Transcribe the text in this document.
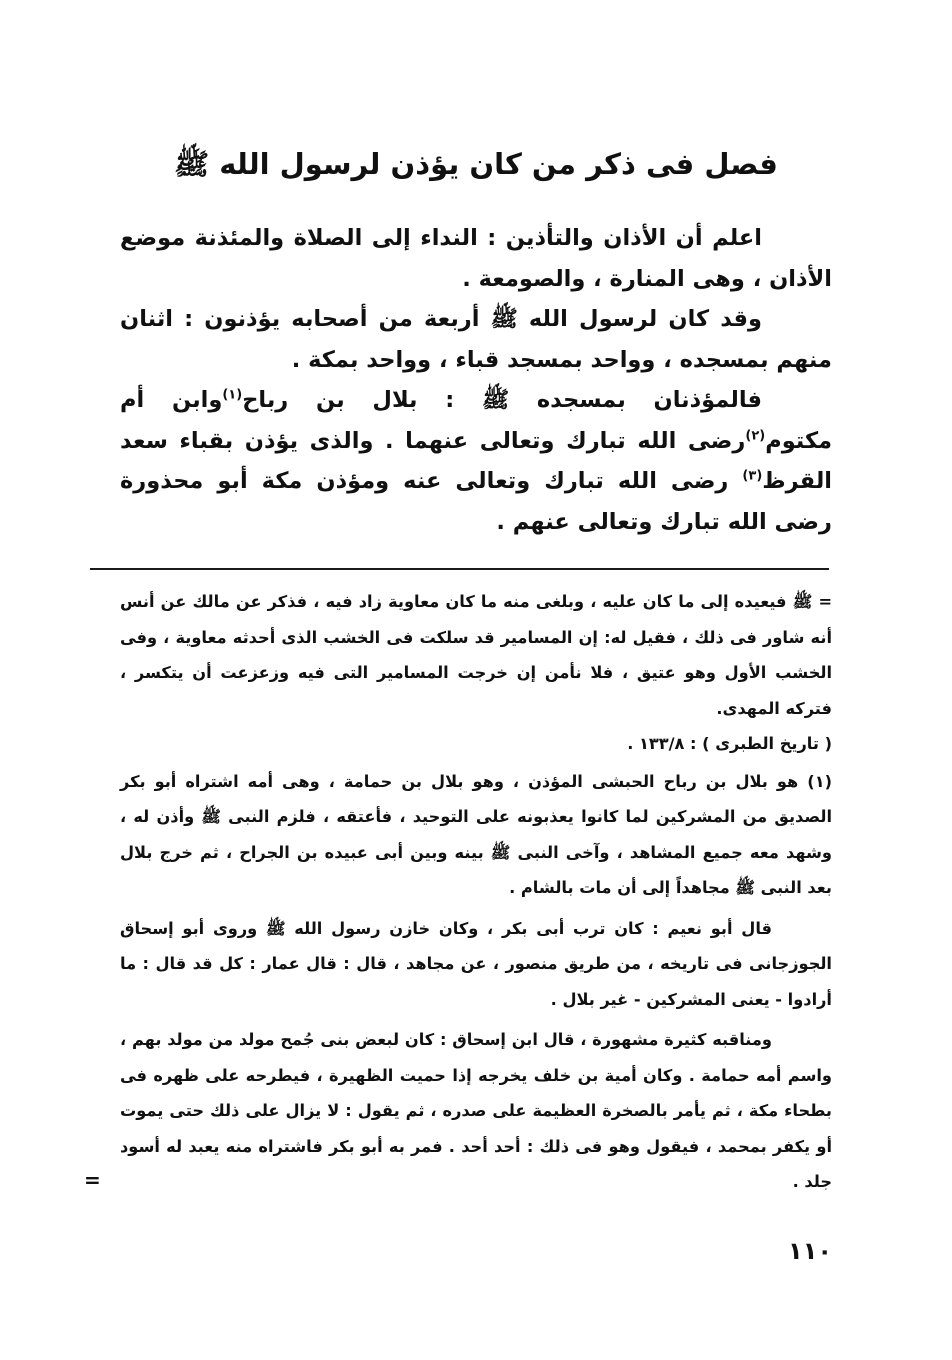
فصل فى ذكر من كان يؤذن لرسول الله ﷺ

اعلم أن الأذان والتأذين : النداء إلى الصلاة والمئذنة موضع الأذان ، وهى المنارة ، والصومعة .

وقد كان لرسول الله ﷺ أربعة من أصحابه يؤذنون : اثنان منهم بمسجده ، وواحد بمسجد قباء ، وواحد بمكة .

فالمؤذنان بمسجده ﷺ : بلال بن رباح$^{(١)}$وابن أم مكتوم$^{(٢)}$رضى الله تبارك وتعالى عنهما . والذى يؤذن بقباء سعد القرظ$^{(٣)}$ رضى الله تبارك وتعالى عنه ومؤذن مكة أبو محذورة رضى الله تبارك وتعالى عنهم .

= ﷺ فيعيده إلى ما كان عليه ، وبلغى منه ما كان معاوية زاد فيه ، فذكر عن مالك عن أنس أنه شاور فى ذلك ، فقيل له: إن المسامير قد سلكت فى الخشب الذى أحدثه معاوية ، وفى الخشب الأول وهو عتيق ، فلا نأمن إن خرجت المسامير التى فيه وزعزعت أن يتكسر ، فتركه المهدى.

( تاريخ الطبرى ) : ١٣٣/٨ .

(١) هو بلال بن رباح الحبشى المؤذن ، وهو بلال بن حمامة ، وهى أمه اشتراه أبو بكر الصديق من المشركين لما كانوا يعذبونه على التوحيد ، فأعتقه ، فلزم النبى ﷺ وأذن له ، وشهد معه جميع المشاهد ، وآخى النبى ﷺ بينه وبين أبى عبيده بن الجراح ، ثم خرج بلال بعد النبى ﷺ مجاهداً إلى أن مات بالشام .

قال أبو نعيم : كان ترب أبى بكر ، وكان خازن رسول الله ﷺ وروى أبو إسحاق الجوزجانى فى تاريخه ، من طريق منصور ، عن مجاهد ، قال : قال عمار : كل قد قال : ما أرادوا - يعنى المشركين - غير بلال .

ومناقبه كثيرة مشهورة ، قال ابن إسحاق : كان لبعض بنى جُمح مولد من مولد بهم ، واسم أمه حمامة . وكان أمية بن خلف يخرجه إذا حميت الظهيرة ، فيطرحه على ظهره فى بطحاء مكة ، ثم يأمر بالصخرة العظيمة على صدره ، ثم يقول : لا يزال على ذلك حتى يموت أو يكفر بمحمد ، فيقول وهو فى ذلك : أحد أحد . فمر به أبو بكر فاشتراه منه يعبد له أسود جلد .

=
١١٠
